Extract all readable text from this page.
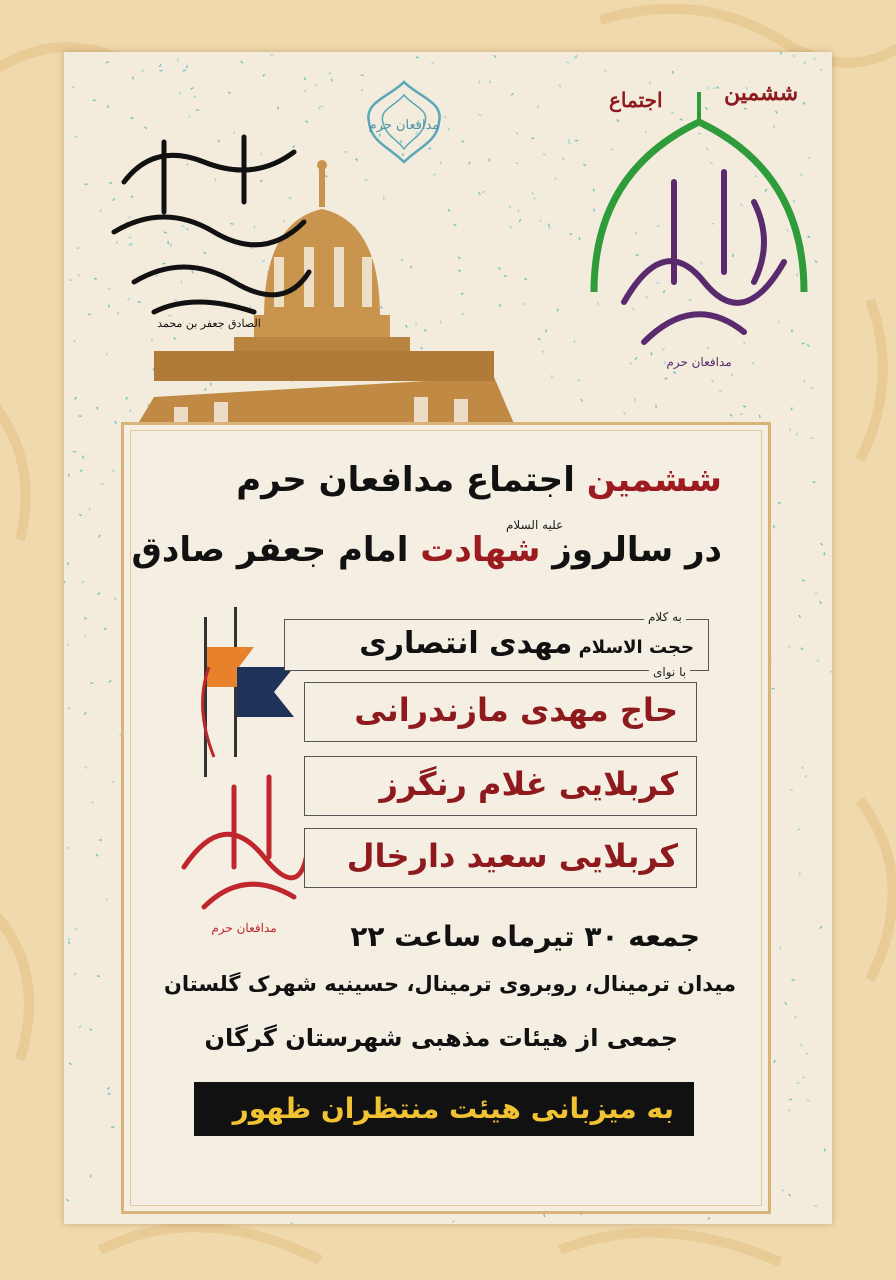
مدافعان حرم
الصادق جعفر بن محمد
مدافعان حرم
ششمین
اجتماع
ششمین اجتماع مدافعان حرم
علیه السلام
در سالروز شهادت امام جعفر صادق
مدافعان حرم
حجت الاسلام مهدی انتصاری
به کلام
با نوای
حاج مهدی مازندرانی
کربلایی غلام رنگرز
کربلایی سعید دارخال
جمعه ۳۰ تیرماه ساعت ۲۲
میدان ترمینال، روبروی ترمینال، حسینیه شهرک گلستان
جمعی از هیئات مذهبی شهرستان گرگان
به میزبانی هیئت منتظران ظهور
